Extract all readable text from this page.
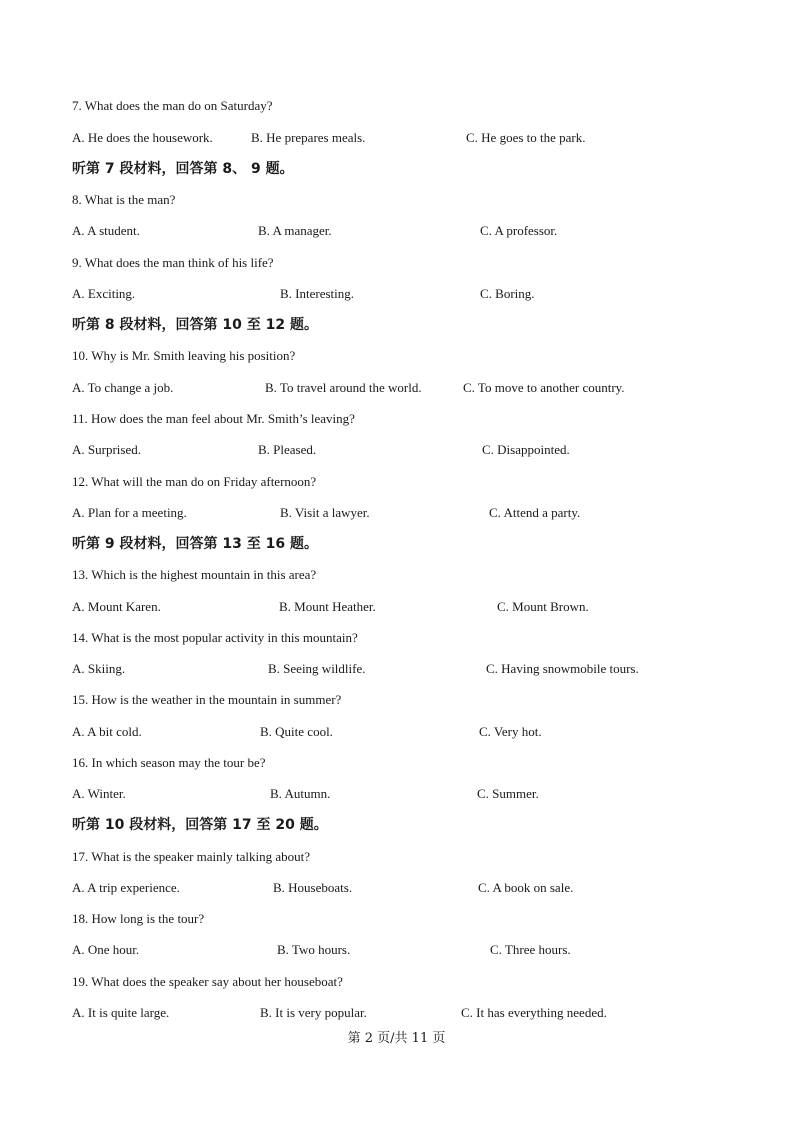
7. What does the man do on Saturday?
A. He does the housework.	B. He prepares meals.	C. He goes to the park.
听第 7 段材料，回答第 8、 9 题。
8. What is the man?
A. A student.	B. A manager.	C. A professor.
9. What does the man think of his life?
A. Exciting.	B. Interesting.	C. Boring.
听第 8 段材料，回答第 10 至 12 题。
10. Why is Mr. Smith leaving his position?
A. To change a job.	B. To travel around the world.	C. To move to another country.
11. How does the man feel about Mr. Smith’s leaving?
A. Surprised.	B. Pleased.	C. Disappointed.
12. What will the man do on Friday afternoon?
A. Plan for a meeting.	B. Visit a lawyer.	C. Attend a party.
听第 9 段材料，回答第 13 至 16 题。
13. Which is the highest mountain in this area?
A. Mount Karen.	B. Mount Heather.	C. Mount Brown.
14. What is the most popular activity in this mountain?
A. Skiing.	B. Seeing wildlife.	C. Having snowmobile tours.
15. How is the weather in the mountain in summer?
A. A bit cold.	B. Quite cool.	C. Very hot.
16. In which season may the tour be?
A. Winter.	B. Autumn.	C. Summer.
听第 10 段材料，回答第 17 至 20 题。
17. What is the speaker mainly talking about?
A. A trip experience.	B. Houseboats.	C. A book on sale.
18. How long is the tour?
A. One hour.	B. Two hours.	C. Three hours.
19. What does the speaker say about her houseboat?
A. It is quite large.	B. It is very popular.	C. It has everything needed.
第 2 页/共 11 页
